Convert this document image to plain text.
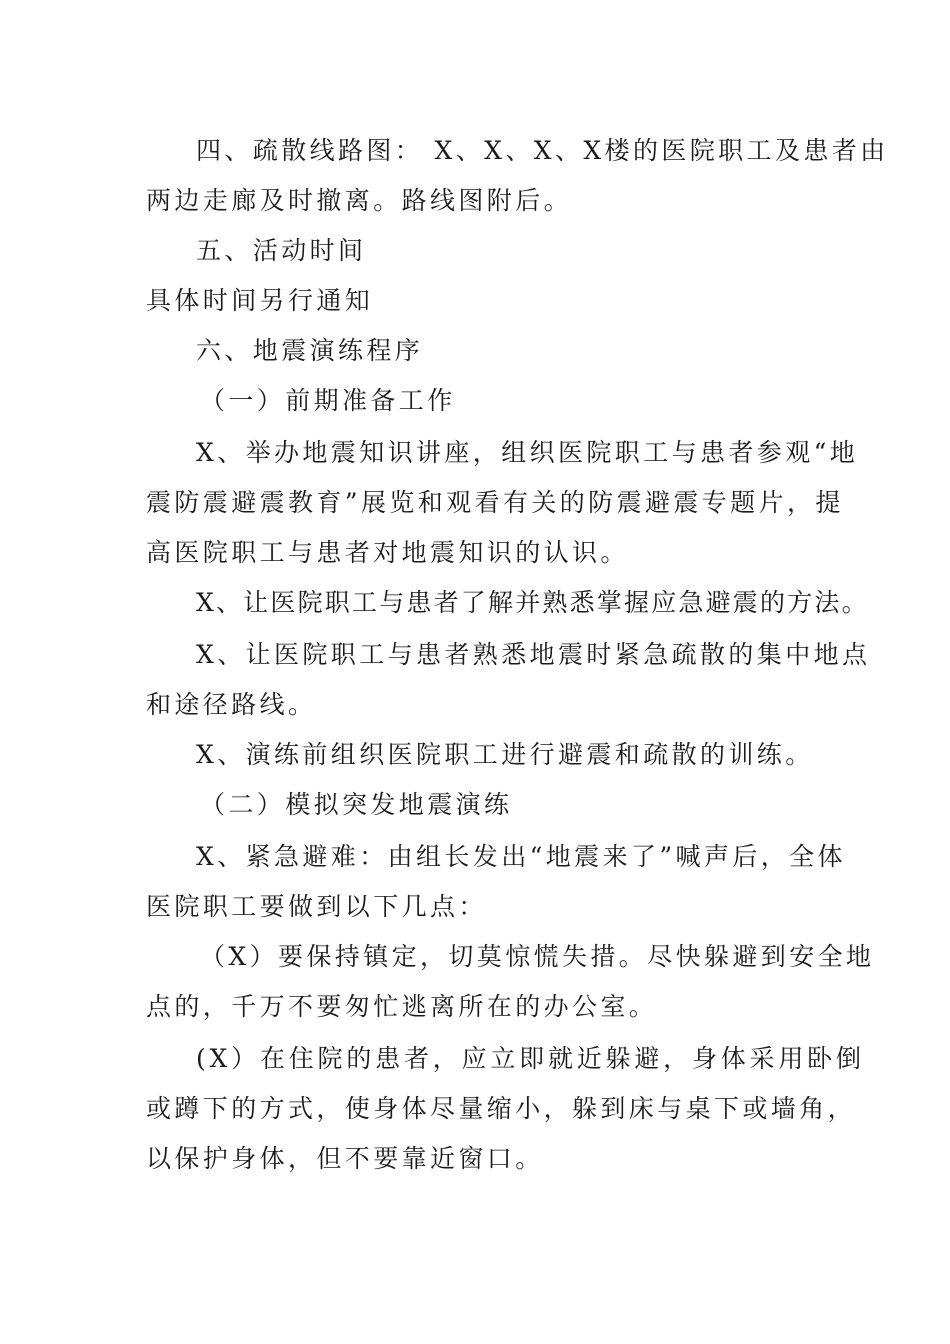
四、疏散线路图： X、X、X、X楼的医院职工及患者由
两边走廊及时撤离。路线图附后。
五、活动时间
具体时间另行通知
六、地震演练程序
（一）前期准备工作
X、举办地震知识讲座，组织医院职工与患者参观“地
震防震避震教育”展览和观看有关的防震避震专题片，提
高医院职工与患者对地震知识的认识。
X、让医院职工与患者了解并熟悉掌握应急避震的方法。
X、让医院职工与患者熟悉地震时紧急疏散的集中地点
和途径路线。
X、演练前组织医院职工进行避震和疏散的训练。
（二）模拟突发地震演练
X、紧急避难：由组长发出“地震来了”喊声后，全体
医院职工要做到以下几点：
（X）要保持镇定，切莫惊慌失措。尽快躲避到安全地
点的，千万不要匆忙逃离所在的办公室。
(X）在住院的患者，应立即就近躲避，身体采用卧倒
或蹲下的方式，使身体尽量缩小，躲到床与桌下或墙角，
以保护身体，但不要靠近窗口。
